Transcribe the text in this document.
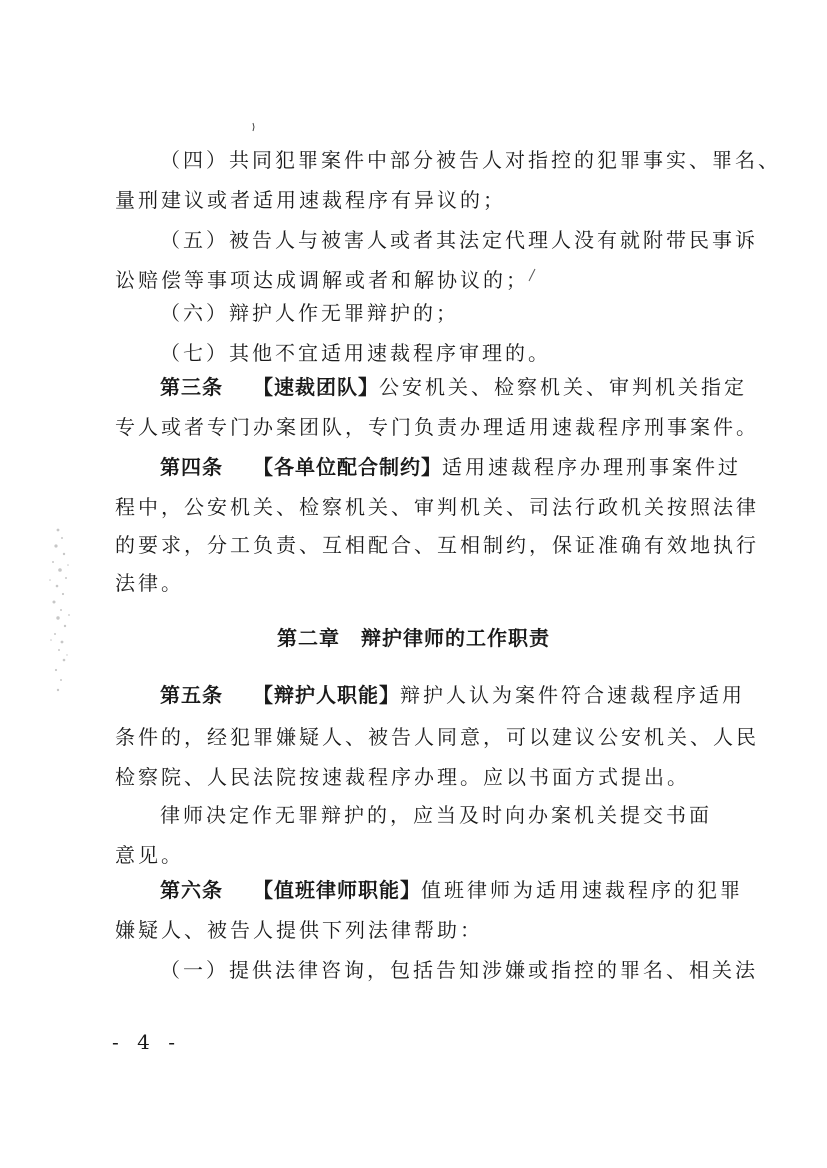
（四）共同犯罪案件中部分被告人对指控的犯罪事实、罪名、
量刑建议或者适用速裁程序有异议的；
（五）被告人与被害人或者其法定代理人没有就附带民事诉
讼赔偿等事项达成调解或者和解协议的；
（六）辩护人作无罪辩护的；
（七）其他不宜适用速裁程序审理的。
第三条 【速裁团队】公安机关、检察机关、审判机关指定
专人或者专门办案团队，专门负责办理适用速裁程序刑事案件。
第四条 【各单位配合制约】适用速裁程序办理刑事案件过
程中，公安机关、检察机关、审判机关、司法行政机关按照法律
的要求，分工负责、互相配合、互相制约，保证准确有效地执行
法律。
第二章　辩护律师的工作职责
第五条 【辩护人职能】辩护人认为案件符合速裁程序适用
条件的，经犯罪嫌疑人、被告人同意，可以建议公安机关、人民
检察院、人民法院按速裁程序办理。应以书面方式提出。
律师决定作无罪辩护的，应当及时向办案机关提交书面
意见。
第六条 【值班律师职能】值班律师为适用速裁程序的犯罪
嫌疑人、被告人提供下列法律帮助：
（一）提供法律咨询，包括告知涉嫌或指控的罪名、相关法
- 4 -
